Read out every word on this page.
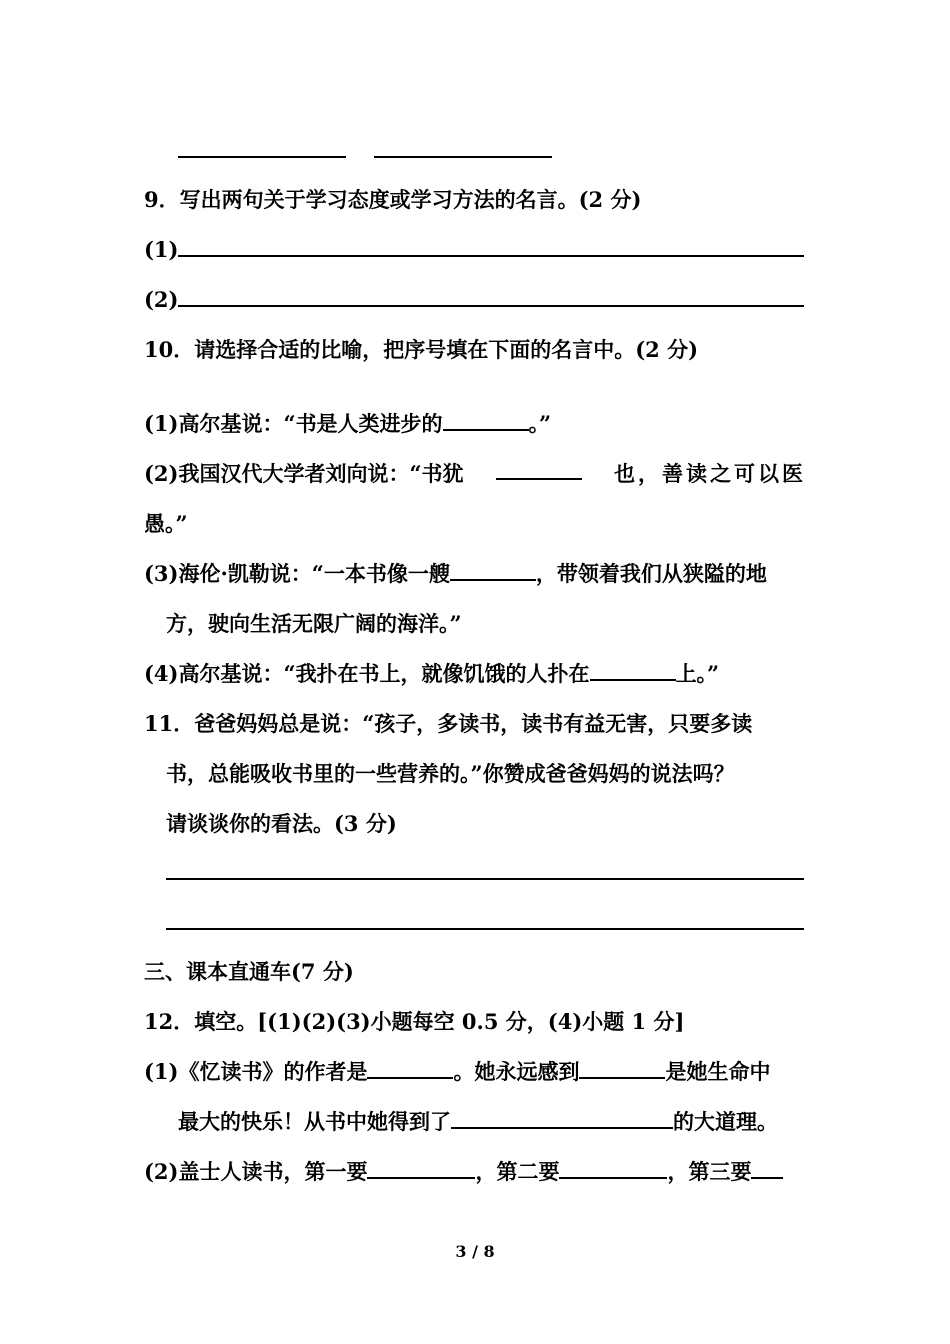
9．写出两句关于学习态度或学习方法的名言。(2 分)
(1)
(2)
10．请选择合适的比喻，把序号填在下面的名言中。(2 分)
(1)高尔基说：“书是人类进步的	。”
(2)我国汉代大学者刘向说：“书犹	也，善读之可以医
愚。”
(3)海伦·凯勒说：“一本书像一艘	，带领着我们从狭隘的地
方，驶向生活无限广阔的海洋。”
(4)高尔基说：“我扑在书上，就像饥饿的人扑在	上。”
11．爸爸妈妈总是说：“孩子，多读书，读书有益无害，只要多读
书，总能吸收书里的一些营养的。”你赞成爸爸妈妈的说法吗？
请谈谈你的看法。(3 分)
三、课本直通车(7 分)
12．填空。[(1)(2)(3)小题每空 0.5 分，(4)小题 1 分]
(1)《忆读书》的作者是	。她永远感到	是她生命中
最大的快乐！从书中她得到了	的大道理。
(2)盖士人读书，第一要	，第二要	，第三要
3 / 8
